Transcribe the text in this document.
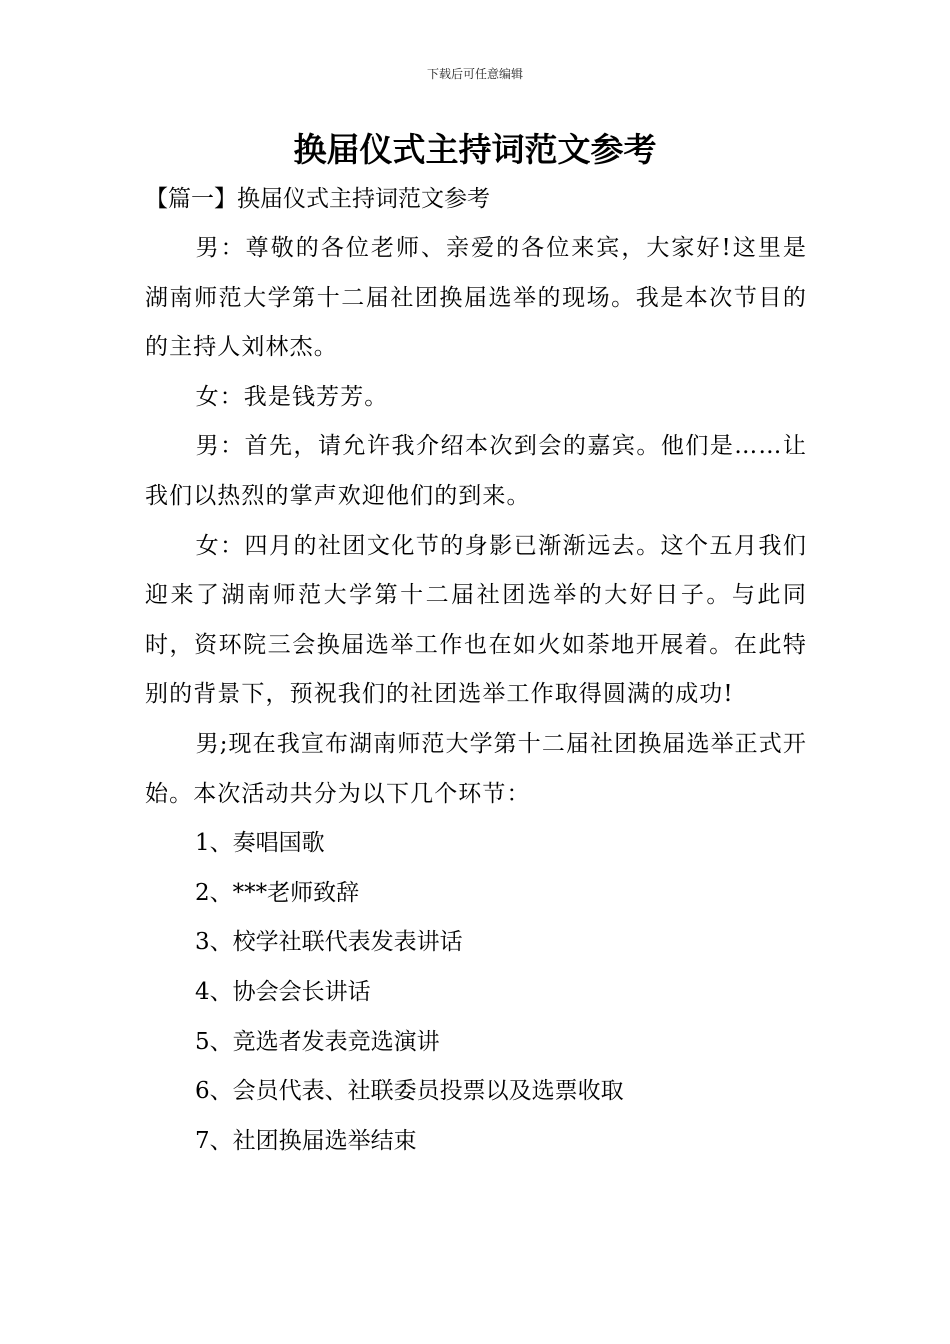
下载后可任意编辑
换届仪式主持词范文参考

【篇一】换届仪式主持词范文参考

男：尊敬的各位老师、亲爱的各位来宾，大家好!这里是湖南师范大学第十二届社团换届选举的现场。我是本次节目的的主持人刘林杰。

女：我是钱芳芳。

男：首先，请允许我介绍本次到会的嘉宾。他们是……让我们以热烈的掌声欢迎他们的到来。

女：四月的社团文化节的身影已渐渐远去。这个五月我们迎来了湖南师范大学第十二届社团选举的大好日子。与此同时，资环院三会换届选举工作也在如火如荼地开展着。在此特别的背景下，预祝我们的社团选举工作取得圆满的成功!

男;现在我宣布湖南师范大学第十二届社团换届选举正式开始。本次活动共分为以下几个环节：

1、奏唱国歌

2、***老师致辞

3、校学社联代表发表讲话

4、协会会长讲话

5、竞选者发表竞选演讲

6、会员代表、社联委员投票以及选票收取

7、社团换届选举结束
